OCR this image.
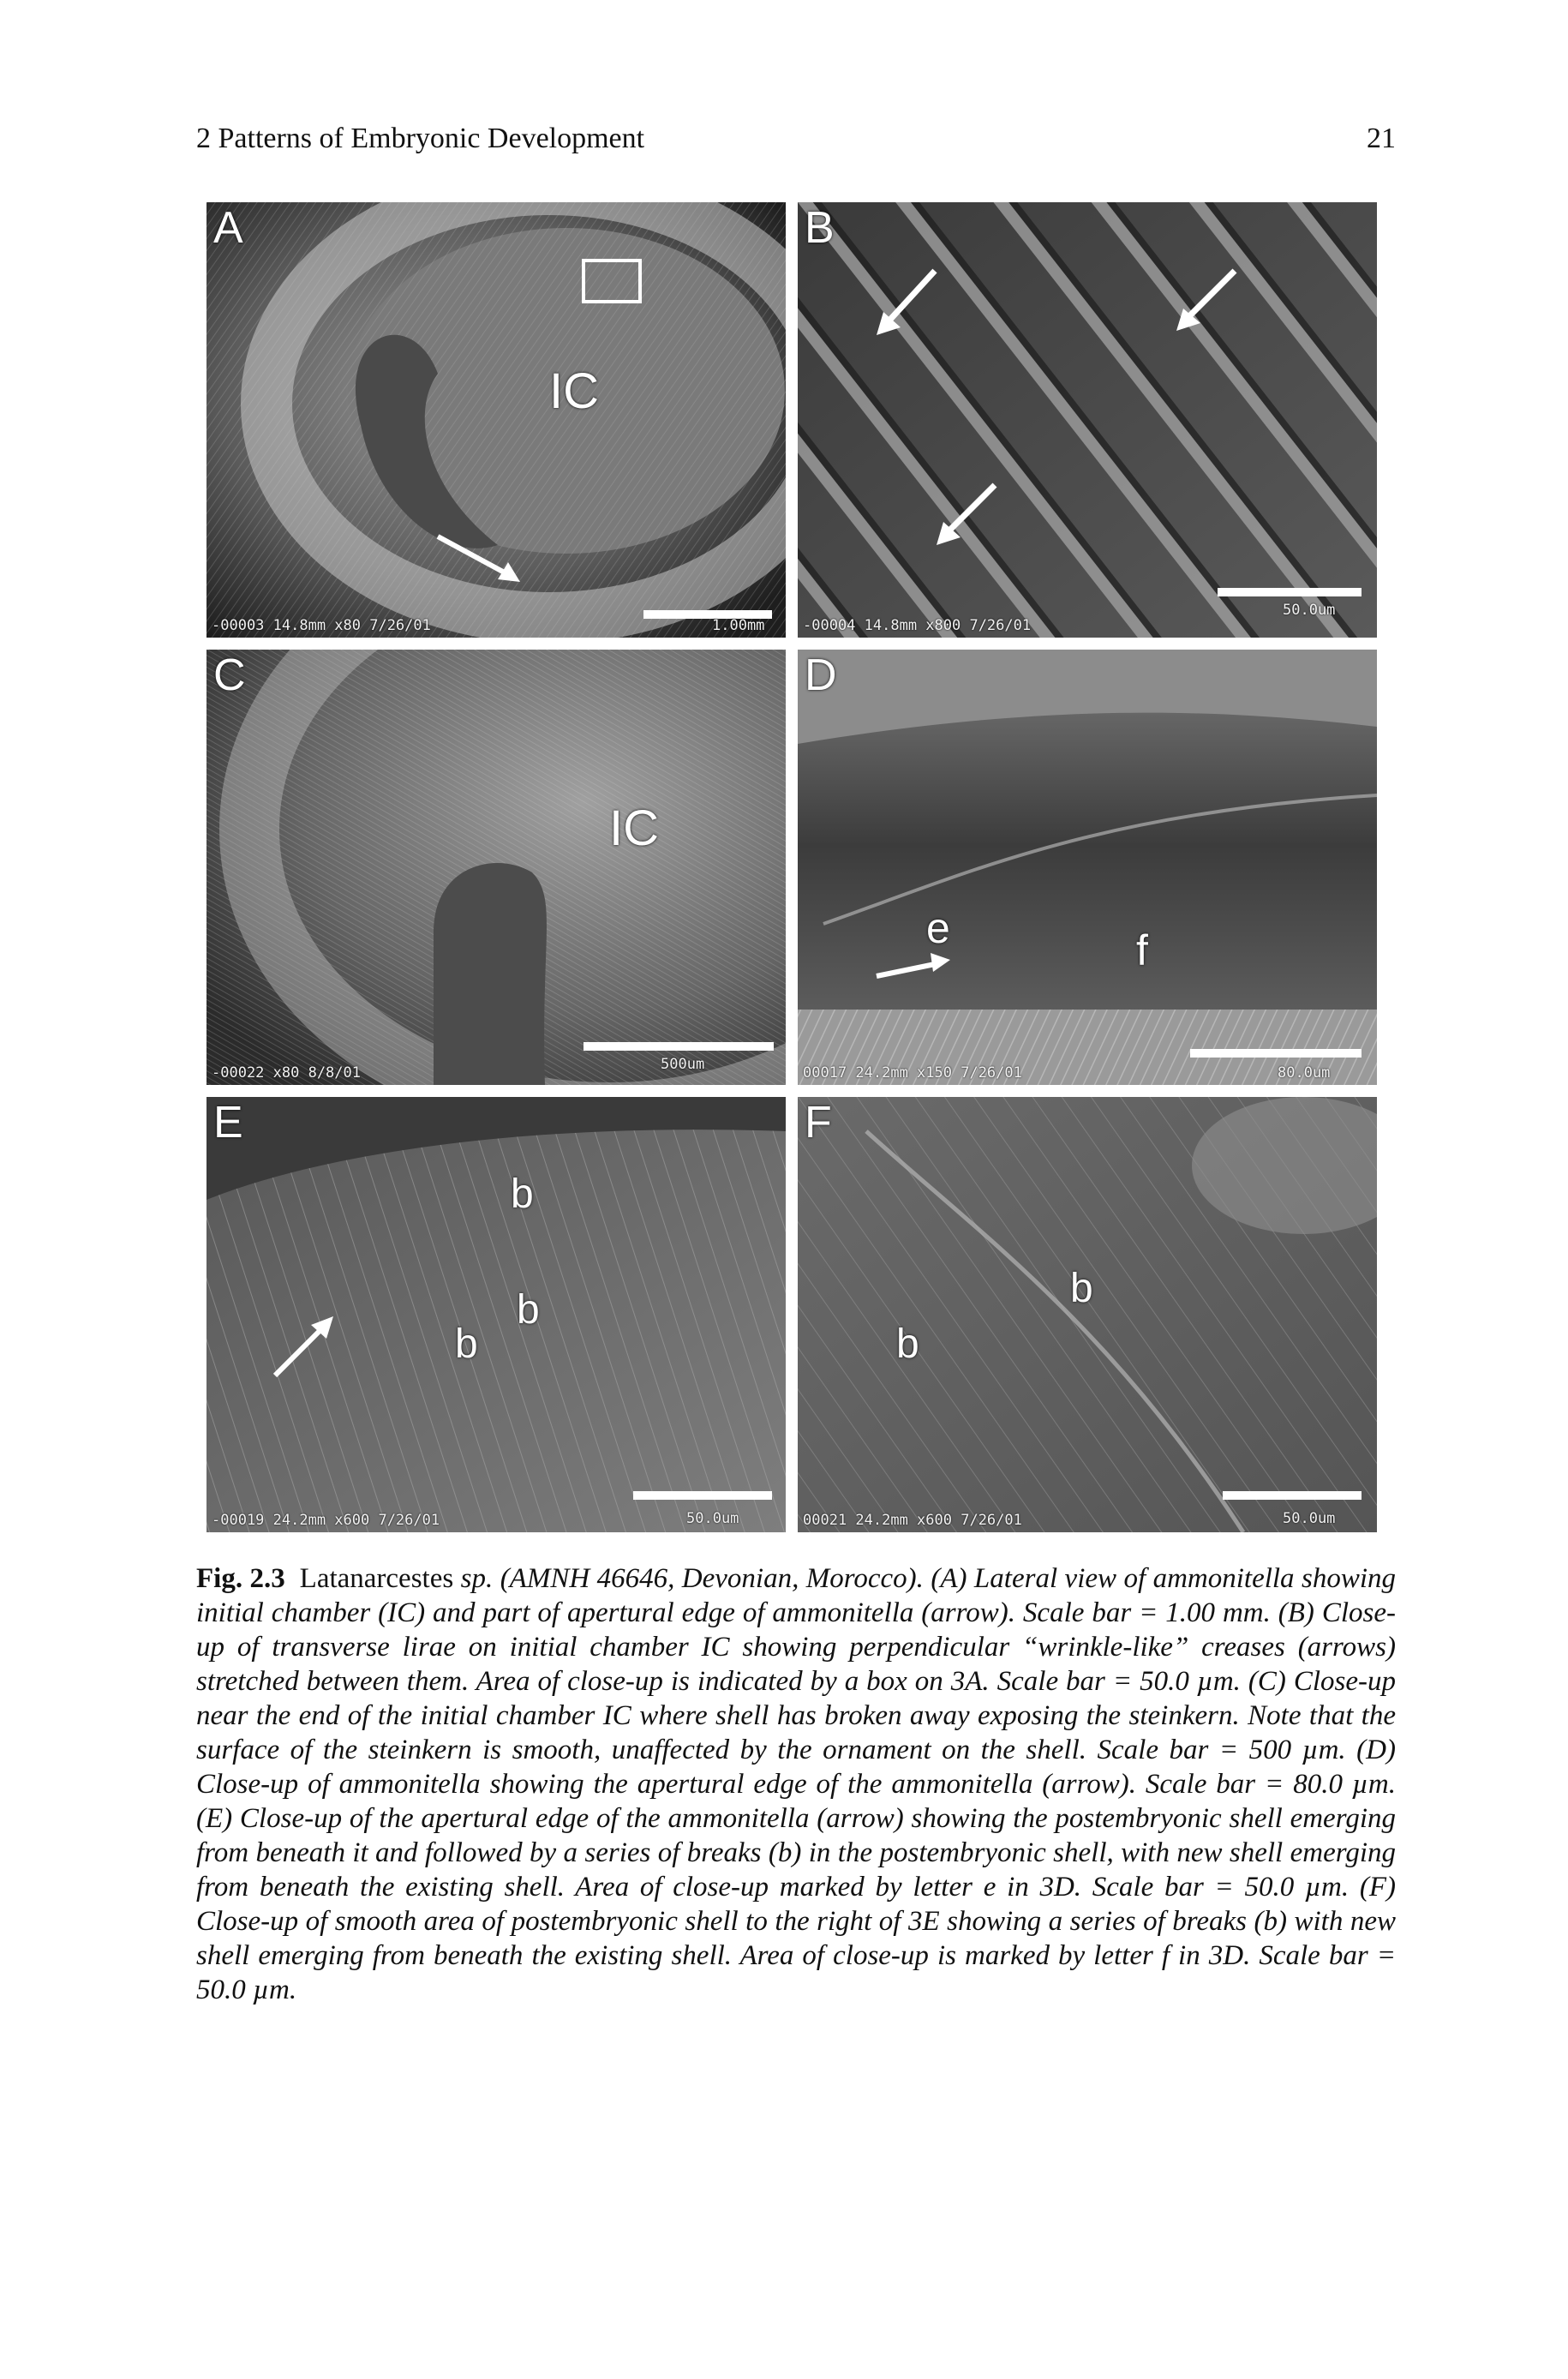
2 Patterns of Embryonic Development	21
A
IC
-00003 14.8mm x80 7/26/01	1.00mm
B
-00004 14.8mm x800 7/26/01
50.0um
C
IC
-00022 x80 8/8/01	500um
D
e	f
00017 24.2mm x150 7/26/01	80.0um
E
b
b
b
-00019 24.2mm x600 7/26/01	50.0um
F
b
b
00021 24.2mm x600 7/26/01	50.0um
Fig. 2.3 Latanarcestes sp. (AMNH 46646, Devonian, Morocco). (A) Lateral view of ammonitella showing initial chamber (IC) and part of apertural edge of ammonitella (arrow). Scale bar = 1.00 mm. (B) Close-up of transverse lirae on initial chamber IC showing perpendicular “wrinkle-like” creases (arrows) stretched between them. Area of close-up is indicated by a box on 3A. Scale bar = 50.0 µm. (C) Close-up near the end of the initial chamber IC where shell has broken away exposing the steinkern. Note that the surface of the steinkern is smooth, unaffected by the ornament on the shell. Scale bar = 500 µm. (D) Close-up of ammonitella showing the apertural edge of the ammonitella (arrow). Scale bar = 80.0 µm. (E) Close-up of the apertural edge of the ammonitella (arrow) showing the postembryonic shell emerging from beneath it and followed by a series of breaks (b) in the postembryonic shell, with new shell emerging from beneath the existing shell. Area of close-up marked by letter e in 3D. Scale bar = 50.0 µm. (F) Close-up of smooth area of postembryonic shell to the right of 3E showing a series of breaks (b) with new shell emerging from beneath the existing shell. Area of close-up is marked by letter f in 3D. Scale bar = 50.0 µm.
